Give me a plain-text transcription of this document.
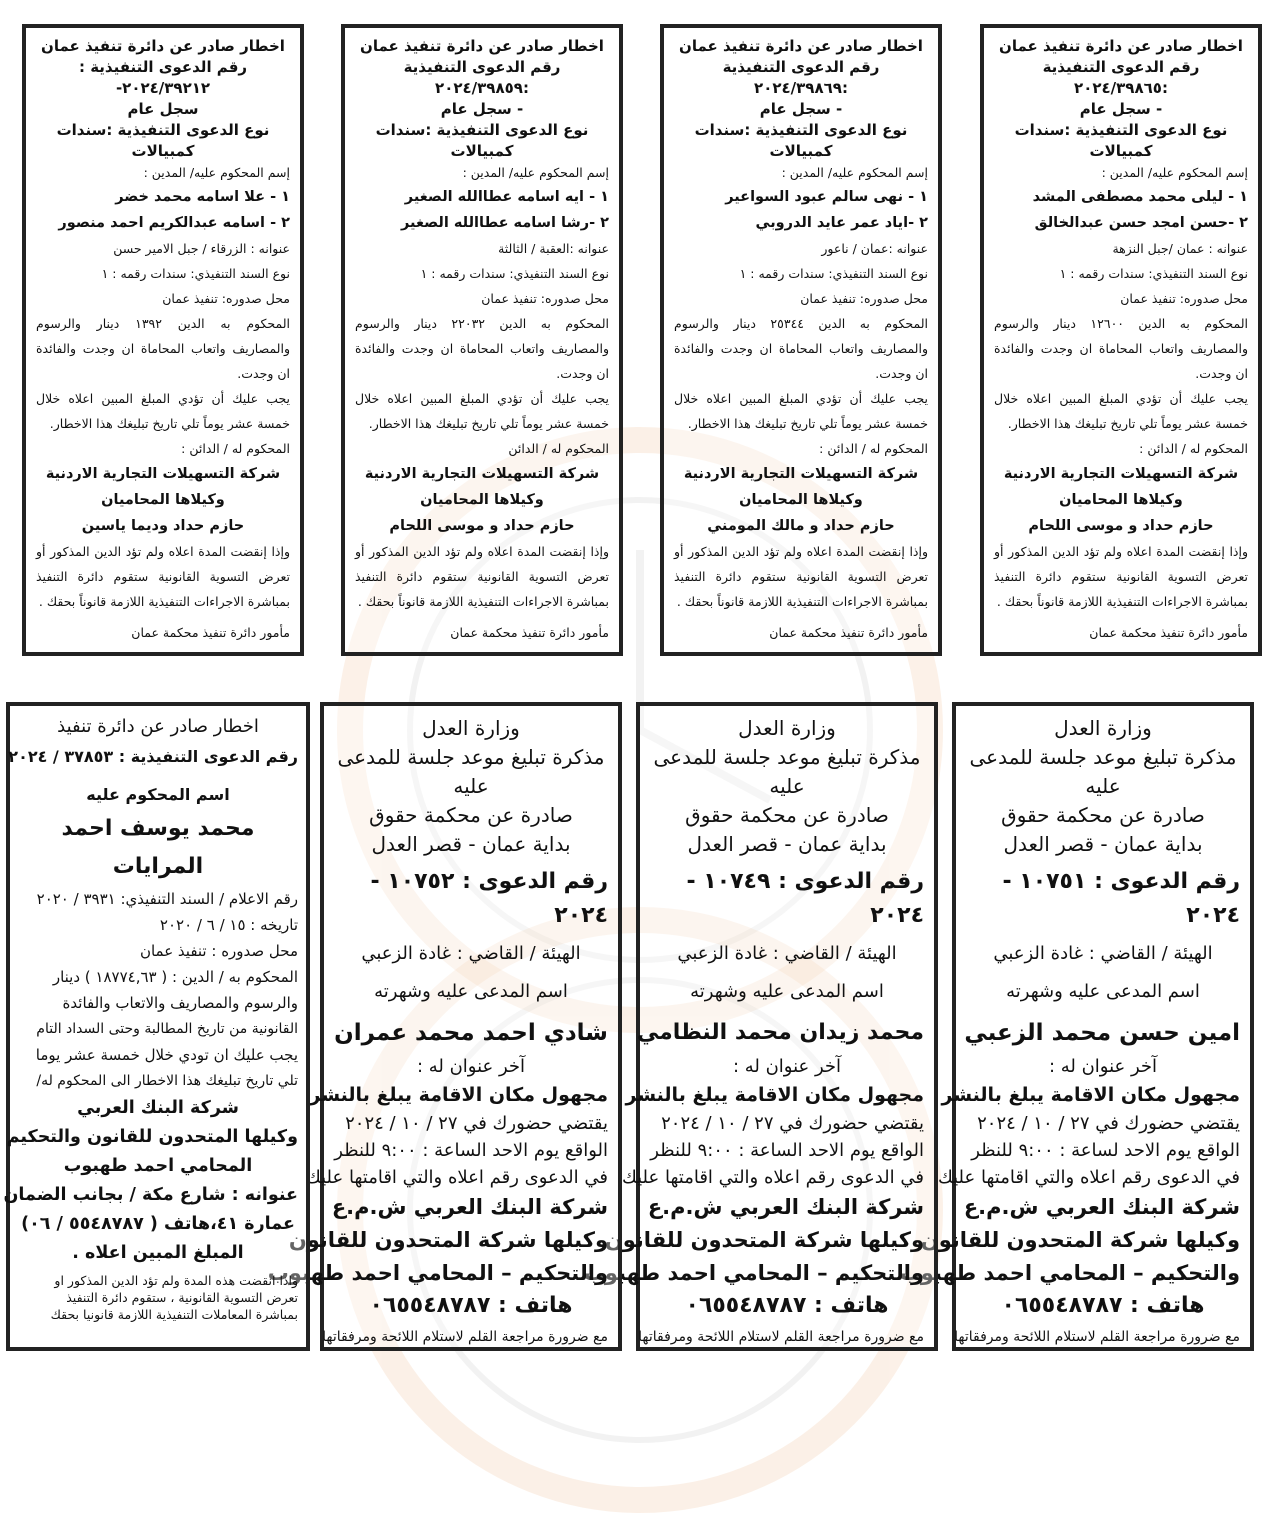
اخطار صادر عن دائرة تنفيذ عمان

رقم الدعوى التنفيذية :٢٠٢٤/٣٩٨٦٥

- سجل عام

نوع الدعوى التنفيذية :سندات كمبيالات

إسم المحكوم عليه/ المدين :

١ - ليلى محمد مصطفى المشد

٢ -حسن امجد حسن عبدالخالق

عنوانه : عمان /جبل النزهة

نوع السند التنفيذي: سندات رقمه : ١

محل صدوره: تنفيذ عمان

المحكوم به الدين ١٢٦٠٠ دينار والرسوم والمصاريف واتعاب المحاماة ان وجدت والفائدة ان وجدت.

يجب عليك أن تؤدي المبلغ المبين اعلاه خلال خمسة عشر يوماً تلي تاريخ تبليغك هذا الاخطار.

المحكوم له / الدائن :

شركة التسهيلات التجارية الاردنية

وكيلاها المحاميان

حازم حداد و موسى اللحام

وإذا إنقضت المدة اعلاه ولم تؤد الدين المذكور أو تعرض التسوية القانونية ستقوم دائرة التنفيذ بمباشرة الاجراءات التنفيذية اللازمة قانوناً بحقك .

مأمور دائرة تنفيذ محكمة عمان

اخطار صادر عن دائرة تنفيذ عمان

رقم الدعوى التنفيذية :٢٠٢٤/٣٩٨٦٩

- سجل عام

نوع الدعوى التنفيذية :سندات كمبيالات

إسم المحكوم عليه/ المدين :

١ - نهى سالم عبود السواعير

٢ -اياد عمر عايد الدروبي

عنوانه :عمان / ناعور

نوع السند التنفيذي: سندات رقمه : ١

محل صدوره: تنفيذ عمان

المحكوم به الدين ٢٥٣٤٤ دينار والرسوم والمصاريف واتعاب المحاماة ان وجدت والفائدة ان وجدت.

يجب عليك أن تؤدي المبلغ المبين اعلاه خلال خمسة عشر يوماً تلي تاريخ تبليغك هذا الاخطار.

المحكوم له / الدائن :

شركة التسهيلات التجارية الاردنية

وكيلاها المحاميان

حازم حداد و مالك المومني

وإذا إنقضت المدة اعلاه ولم تؤد الدين المذكور أو تعرض التسوية القانونية ستقوم دائرة التنفيذ بمباشرة الاجراءات التنفيذية اللازمة قانوناً بحقك .

مأمور دائرة تنفيذ محكمة عمان

اخطار صادر عن دائرة تنفيذ عمان

رقم الدعوى التنفيذية :٢٠٢٤/٣٩٨٥٩

- سجل عام

نوع الدعوى التنفيذية :سندات كمبيالات

إسم المحكوم عليه/ المدين :

١ - ايه اسامه عطاالله الصغير

٢ -رشا اسامه عطاالله الصغير

عنوانه :العقبة / الثالثة

نوع السند التنفيذي: سندات رقمه : ١

محل صدوره: تنفيذ عمان

المحكوم به الدين ٢٢٠٣٢ دينار والرسوم والمصاريف واتعاب المحاماة ان وجدت والفائدة ان وجدت.

يجب عليك أن تؤدي المبلغ المبين اعلاه خلال خمسة عشر يوماً تلي تاريخ تبليغك هذا الاخطار.

المحكوم له / الدائن

شركة التسهيلات التجارية الاردنية

وكيلاها المحاميان

حازم حداد و موسى اللحام

وإذا إنقضت المدة اعلاه ولم تؤد الدين المذكور أو تعرض التسوية القانونية ستقوم دائرة التنفيذ بمباشرة الاجراءات التنفيذية اللازمة قانوناً بحقك .

مأمور دائرة تنفيذ محكمة عمان

اخطار صادر عن دائرة تنفيذ عمان

رقم الدعوى التنفيذية : ٢٠٢٤/٣٩٢١٢-

سجل عام

نوع الدعوى التنفيذية :سندات كمبيالات

إسم المحكوم عليه/ المدين :

١ - علا اسامه محمد خضر

٢ - اسامه عبدالكريم احمد منصور

عنوانه : الزرقاء / جبل الامير حسن

نوع السند التنفيذي: سندات رقمه : ١

محل صدوره: تنفيذ عمان

المحكوم به الدين ١٣٩٢ دينار والرسوم والمصاريف واتعاب المحاماة ان وجدت والفائدة ان وجدت.

يجب عليك أن تؤدي المبلغ المبين اعلاه خلال خمسة عشر يوماً تلي تاريخ تبليغك هذا الاخطار.

المحكوم له / الدائن :

شركة التسهيلات التجارية الاردنية

وكيلاها المحاميان

حازم حداد وديما ياسين

وإذا إنقضت المدة اعلاه ولم تؤد الدين المذكور أو تعرض التسوية القانونية ستقوم دائرة التنفيذ بمباشرة الاجراءات التنفيذية اللازمة قانوناً بحقك .

مأمور دائرة تنفيذ محكمة عمان

وزارة العدل

مذكرة تبليغ موعد جلسة للمدعى عليه

صادرة عن محكمة حقوق

بداية عمان - قصر العدل

رقم الدعوى : ١٠٧٥١ - ٢٠٢٤

الهيئة / القاضي : غادة الزعبي

اسم المدعى عليه وشهرته

امين حسن محمد الزعبي

آخر عنوان له :

مجهول مكان الاقامة يبلغ بالنشر

يقتضي حضورك في ٢٧ / ١٠ / ٢٠٢٤

الواقع يوم الاحد لساعة : ٩:٠٠ للنظر

في الدعوى رقم اعلاه والتي اقامتها عليك

شركة البنك العربي ش.م.ع

وكيلها شركة المتحدون للقانون

والتحكيم – المحامي احمد طهبوب

هاتف : ٠٦٥٥٤٨٧٨٧

مع ضرورة مراجعة القلم لاستلام اللائحة ومرفقاتها

وزارة العدل

مذكرة تبليغ موعد جلسة للمدعى عليه

صادرة عن محكمة حقوق

بداية عمان - قصر العدل

رقم الدعوى : ١٠٧٤٩ - ٢٠٢٤

الهيئة / القاضي : غادة الزعبي

اسم المدعى عليه وشهرته

محمد زيدان محمد النظامي

آخر عنوان له :

مجهول مكان الاقامة يبلغ بالنشر

يقتضي حضورك في ٢٧ / ١٠ / ٢٠٢٤

الواقع يوم الاحد الساعة : ٩:٠٠ للنظر

في الدعوى رقم اعلاه والتي اقامتها عليك

شركة البنك العربي ش.م.ع

وكيلها شركة المتحدون للقانون

والتحكيم – المحامي احمد طهبوب

هاتف : ٠٦٥٥٤٨٧٨٧

مع ضرورة مراجعة القلم لاستلام اللائحة ومرفقاتها

وزارة العدل

مذكرة تبليغ موعد جلسة للمدعى عليه

صادرة عن محكمة حقوق

بداية عمان - قصر العدل

رقم الدعوى : ١٠٧٥٢ - ٢٠٢٤

الهيئة / القاضي : غادة الزعبي

اسم المدعى عليه وشهرته

شادي احمد محمد عمران

آخر عنوان له :

مجهول مكان الاقامة يبلغ بالنشر

يقتضي حضورك في ٢٧ / ١٠ / ٢٠٢٤

الواقع يوم الاحد الساعة : ٩:٠٠ للنظر

في الدعوى رقم اعلاه والتي اقامتها عليك

شركة البنك العربي ش.م.ع

وكيلها شركة المتحدون للقانون

والتحكيم – المحامي احمد طهبوب

هاتف : ٠٦٥٥٤٨٧٨٧

مع ضرورة مراجعة القلم لاستلام اللائحة ومرفقاتها

اخطار صادر عن دائرة تنفيذ

رقم الدعوى التنفيذية : ٣٧٨٥٣ / ٢٠٢٤

اسم المحكوم عليه

محمد يوسف احمد المرايات

رقم الاعلام / السند التنفيذي: ٣٩٣١ / ٢٠٢٠

تاريخه : ١٥ / ٦ / ٢٠٢٠

محل صدوره : تنفيذ عمان

المحكوم به / الدين : ( ١٨٧٧٤,٦٣ ) دينار

والرسوم والمصاريف والاتعاب والفائدة

القانونية من تاريخ المطالبة وحتى السداد التام

يجب عليك ان تودي خلال خمسة عشر يوما

تلي تاريخ تبليغك هذا الاخطار الى المحكوم له/

شركة البنك العربي

وكيلها المتحدون للقانون والتحكيم

المحامي احمد طهبوب

عنوانه : شارع مكة / بجانب الضمان

عمارة ٤١،هاتف ( ٥٥٤٨٧٨٧ / ٠٦)

المبلغ المبين اعلاه .

واذا انقضت هذه المدة ولم تؤد الدين المذكور او

تعرض التسوية القانونية ، ستقوم دائرة التنفيذ

بمباشرة المعاملات التنفيذية اللازمة قانونيا بحقك
